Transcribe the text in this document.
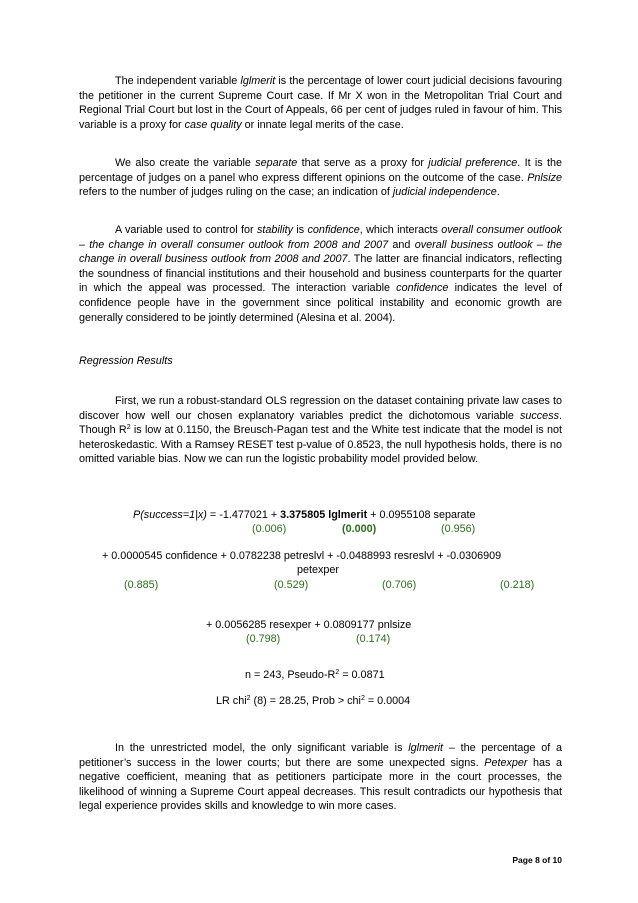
The independent variable lglmerit is the percentage of lower court judicial decisions favouring the petitioner in the current Supreme Court case. If Mr X won in the Metropolitan Trial Court and Regional Trial Court but lost in the Court of Appeals, 66 per cent of judges ruled in favour of him. This variable is a proxy for case quality or innate legal merits of the case.

We also create the variable separate that serve as a proxy for judicial preference. It is the percentage of judges on a panel who express different opinions on the outcome of the case. Pnlsize refers to the number of judges ruling on the case; an indication of judicial independence.

A variable used to control for stability is confidence, which interacts overall consumer outlook – the change in overall consumer outlook from 2008 and 2007 and overall business outlook – the change in overall business outlook from 2008 and 2007. The latter are financial indicators, reflecting the soundness of financial institutions and their household and business counterparts for the quarter in which the appeal was processed. The interaction variable confidence indicates the level of confidence people have in the government since political instability and economic growth are generally considered to be jointly determined (Alesina et al. 2004).

Regression Results

First, we run a robust-standard OLS regression on the dataset containing private law cases to discover how well our chosen explanatory variables predict the dichotomous variable success. Though $R^2$ is low at 0.1150, the Breusch-Pagan test and the White test indicate that the model is not heteroskedastic. With a Ramsey RESET test p-value of 0.8523, the null hypothesis holds, there is no omitted variable bias. Now we can run the logistic probability model provided below.

P(success=1|x) = -1.477021 + 3.375805 lglmerit + 0.0955108 separate
(0.006)	(0.000)	(0.956)
+ 0.0000545 confidence + 0.0782238 petreslvl + -0.0488993 resreslvl + -0.0306909
petexper
(0.885)	(0.529)	(0.706)	(0.218)
+ 0.0056285 resexper + 0.0809177 pnlsize
(0.798)	(0.174)
n = 243, Pseudo-$R^2 = 0.0871$
LR chi$^2$ (8) = 28.25, Prob > chi$^2$ = 0.0004

In the unrestricted model, the only significant variable is lglmerit – the percentage of a petitioner’s success in the lower courts; but there are some unexpected signs. Petexper has a negative coefficient, meaning that as petitioners participate more in the court processes, the likelihood of winning a Supreme Court appeal decreases. This result contradicts our hypothesis that legal experience provides skills and knowledge to win more cases.

Page 8 of 10
